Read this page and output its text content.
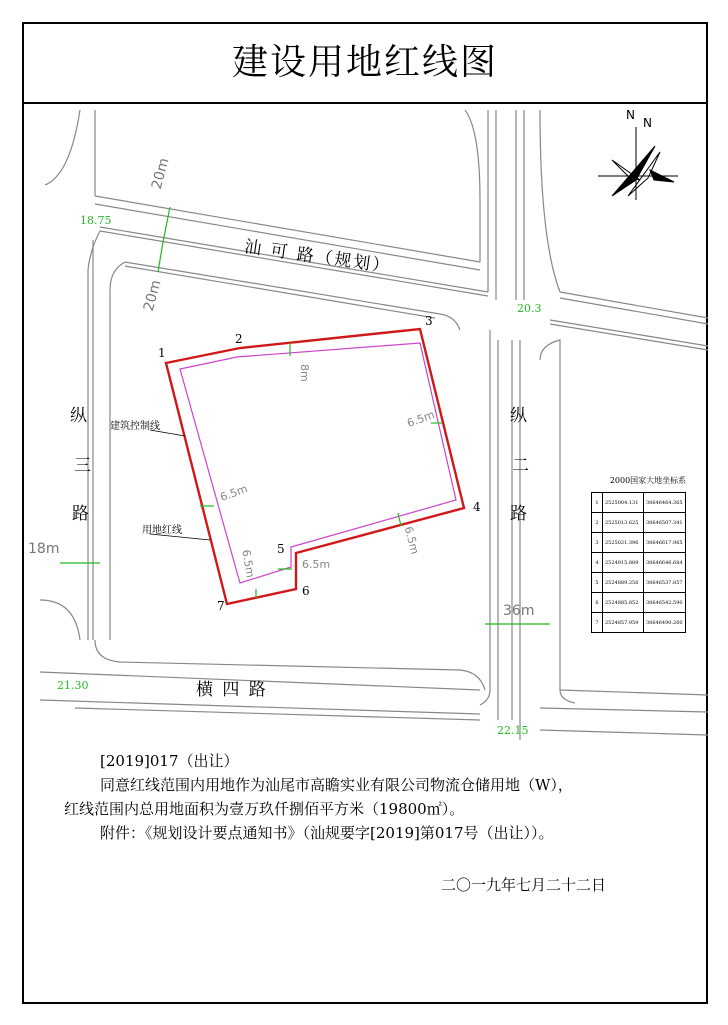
建设用地红线图
N
N
汕 可 路（规划）
纵
三
路
纵
二
路
横 四 路
20m
20m
18m
36m
18.75
20.3
21.30
22.15
8m
6.5m
6.5m
6.5m
6.5m	6.5m
建筑控制线
用地红线
1
2
3
4
5
6
7
2000国家大地坐标系
1	2525004.131	38646464.365
2	2525013.625	38646507.341
3	2525021.396	38646617.965
4	2524915.889	38646646.684
5	2524889.256	38646537.857
6	2524885.852	38646542.590
7	2524857.959	38646490.260
[2019]017（出让）
同意红线范围内用地作为汕尾市高瞻实业有限公司物流仓储用地（W），
红线范围内总用地面积为壹万玖仟捌佰平方米（19800㎡）。
附件：《规划设计要点通知书》（汕规要字[2019]第017号（出让））。
二〇一九年七月二十二日
